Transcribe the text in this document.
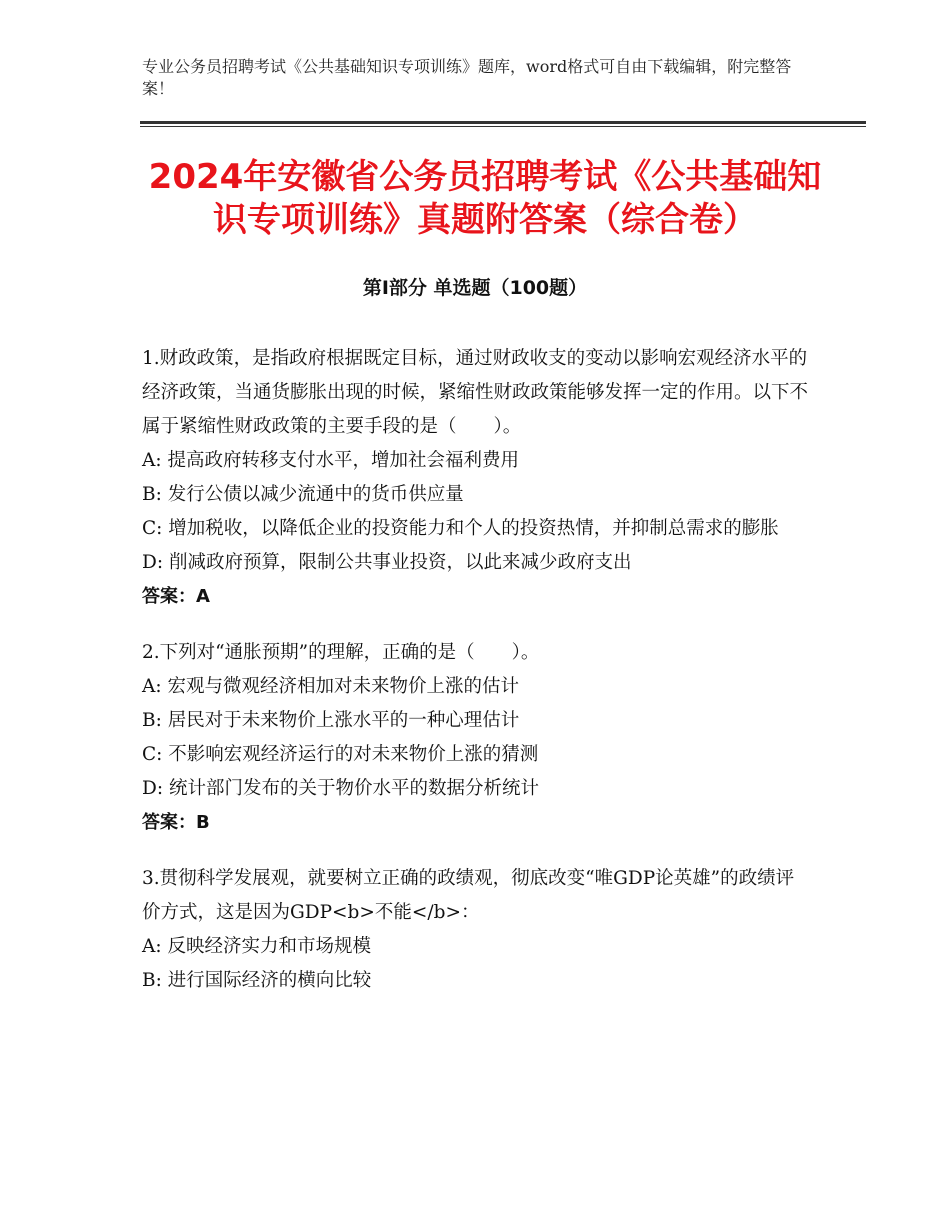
专业公务员招聘考试《公共基础知识专项训练》题库，word格式可自由下载编辑，附完整答案！
2024年安徽省公务员招聘考试《公共基础知识专项训练》真题附答案（综合卷）
第Ⅰ部分 单选题（100题）
1.财政政策，是指政府根据既定目标，通过财政收支的变动以影响宏观经济水平的经济政策，当通货膨胀出现的时候，紧缩性财政政策能够发挥一定的作用。以下不属于紧缩性财政政策的主要手段的是（　　）。
A: 提高政府转移支付水平，增加社会福利费用
B: 发行公债以减少流通中的货币供应量
C: 增加税收，以降低企业的投资能力和个人的投资热情，并抑制总需求的膨胀
D: 削减政府预算，限制公共事业投资，以此来减少政府支出
答案：A
2.下列对“通胀预期”的理解，正确的是（　　）。
A: 宏观与微观经济相加对未来物价上涨的估计
B: 居民对于未来物价上涨水平的一种心理估计
C: 不影响宏观经济运行的对未来物价上涨的猜测
D: 统计部门发布的关于物价水平的数据分析统计
答案：B
3.贯彻科学发展观，就要树立正确的政绩观，彻底改变“唯GDP论英雄”的政绩评价方式，这是因为GDP<b>不能</b>：
A: 反映经济实力和市场规模
B: 进行国际经济的横向比较
